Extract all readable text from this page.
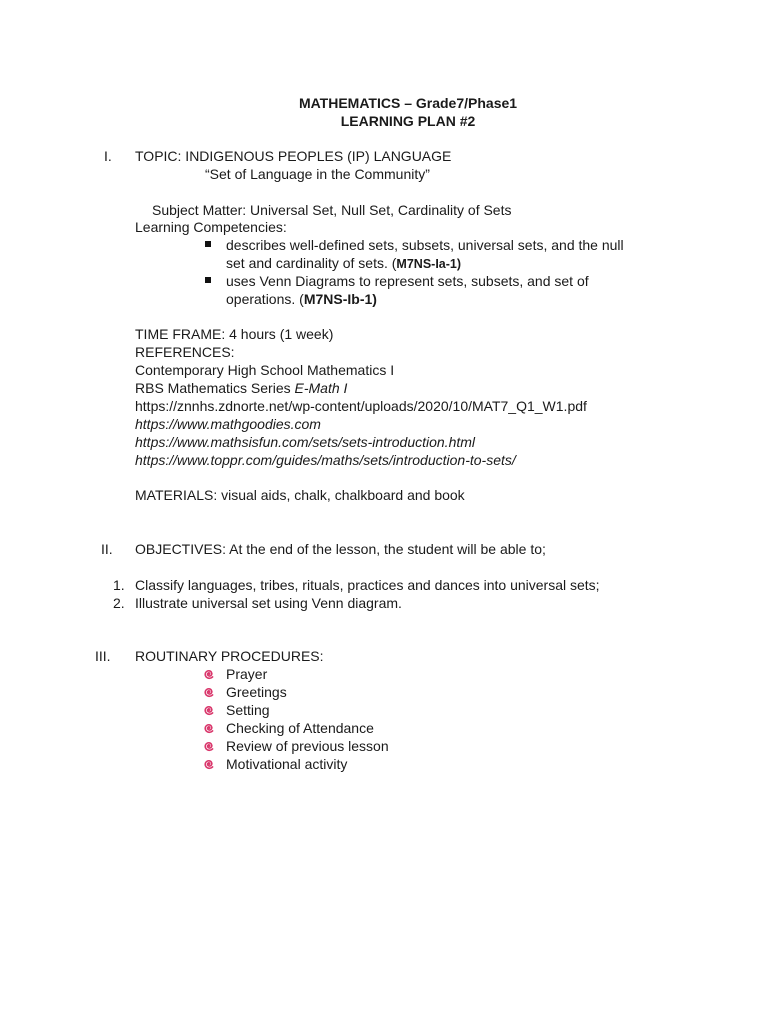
MATHEMATICS – Grade7/Phase1
LEARNING PLAN #2
I. TOPIC: INDIGENOUS PEOPLES (IP) LANGUAGE
“Set of Language in the Community”
Subject Matter: Universal Set, Null Set, Cardinality of Sets
Learning Competencies:
describes well-defined sets, subsets, universal sets, and the null
set and cardinality of sets. (M7NS-Ia-1)
uses Venn Diagrams to represent sets, subsets, and set of
operations. (M7NS-Ib-1)
TIME FRAME: 4 hours (1 week)
REFERENCES:
Contemporary High School Mathematics I
RBS Mathematics Series E-Math I
https://znnhs.zdnorte.net/wp-content/uploads/2020/10/MAT7_Q1_W1.pdf
https://www.mathgoodies.com
https://www.mathsisfun.com/sets/sets-introduction.html
https://www.toppr.com/guides/maths/sets/introduction-to-sets/
MATERIALS: visual aids, chalk, chalkboard and book
II. OBJECTIVES: At the end of the lesson, the student will be able to;
1. Classify languages, tribes, rituals, practices and dances into universal sets;
2. Illustrate universal set using Venn diagram.
III. ROUTINARY PROCEDURES:
Prayer
Greetings
Setting
Checking of Attendance
Review of previous lesson
Motivational activity
